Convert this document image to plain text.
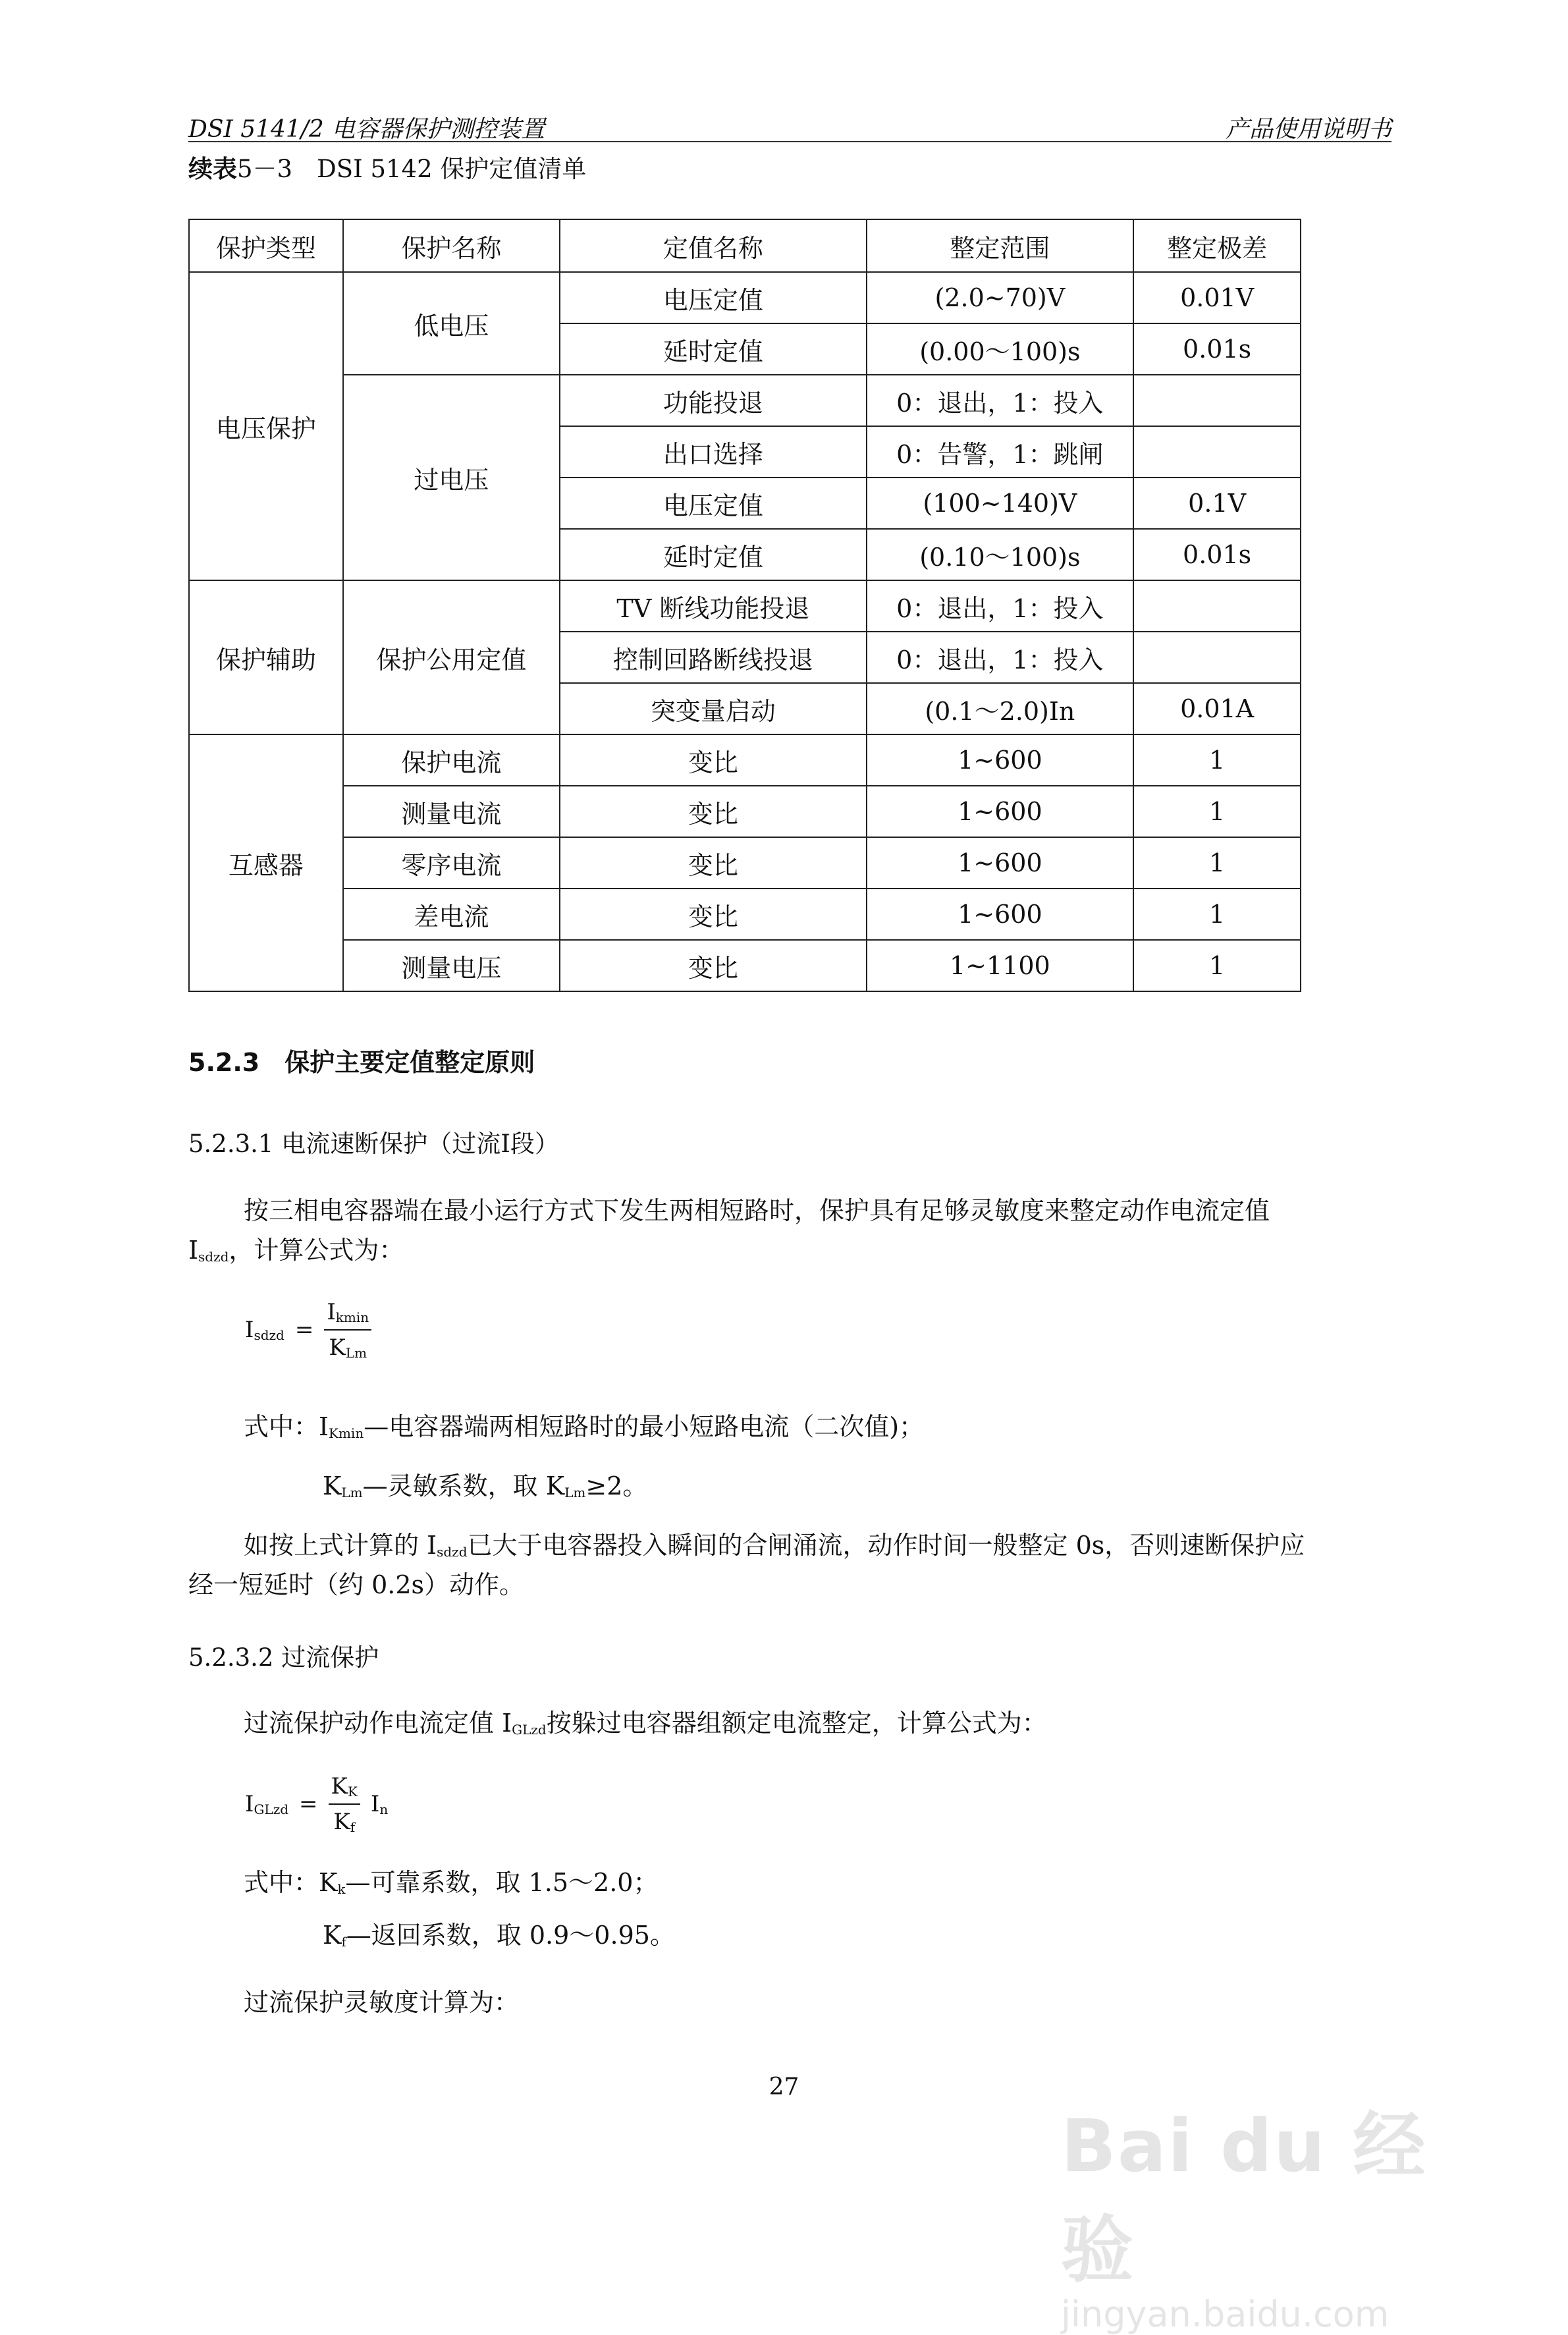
DSI 5141/2 电容器保护测控装置	产品使用说明书
续表5－3　DSI 5142 保护定值清单
保护类型	保护名称	定值名称	整定范围	整定极差
电压保护	低电压	电压定值	(2.0~70)V	0.01V
		延时定值	(0.00～100)s	0.01s
	过电压	功能投退	0：退出，1：投入	
		出口选择	0：告警，1：跳闸	
		电压定值	(100~140)V	0.1V
		延时定值	(0.10～100)s	0.01s
保护辅助	保护公用定值	TV 断线功能投退	0：退出，1：投入	
		控制回路断线投退	0：退出，1：投入	
		突变量启动	(0.1～2.0)In	0.01A
互感器	保护电流	变比	1~600	1
	测量电流	变比	1~600	1
	零序电流	变比	1~600	1
	差电流	变比	1~600	1
	测量电压	变比	1~1100	1
5.2.3　保护主要定值整定原则
5.2.3.1 电流速断保护（过流Ⅰ段）
按三相电容器端在最小运行方式下发生两相短路时，保护具有足够灵敏度来整定动作电流定值
Isdzd，计算公式为：
Isdzd = $\frac{Ikmin}{\text{KLm}}$
式中：IKmin—电容器端两相短路时的最小短路电流（二次值)；
KLm—灵敏系数，取 KLm≥2。
如按上式计算的 Isdzd已大于电容器投入瞬间的合闸涌流，动作时间一般整定 0s，否则速断保护应
经一短延时（约 0.2s）动作。
5.2.3.2 过流保护
过流保护动作电流定值 IGLzd按躲过电容器组额定电流整定，计算公式为：
IGLzd = $\frac{KK}{Kf}$ In
式中：Kk—可靠系数，取 1.5～2.0；
Kf—返回系数，取 0.9～0.95。
过流保护灵敏度计算为：
27
Bai du 经验
jingyan.baidu.com
